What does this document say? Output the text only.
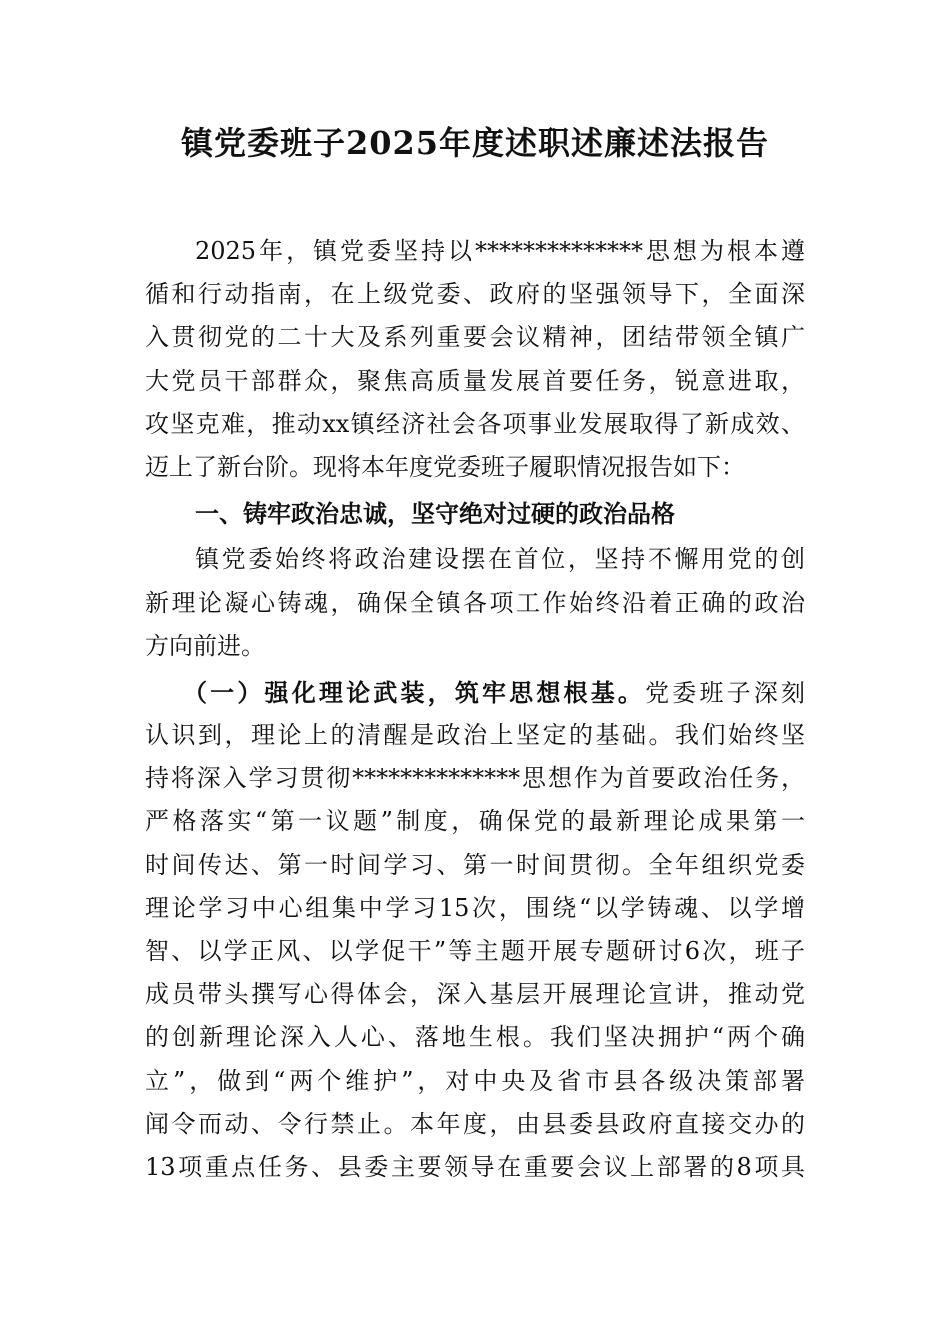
镇党委班子2025年度述职述廉述法报告
2025年，镇党委坚持以**************思想为根本遵
循和行动指南，在上级党委、政府的坚强领导下，全面深
入贯彻党的二十大及系列重要会议精神，团结带领全镇广
大党员干部群众，聚焦高质量发展首要任务，锐意进取，
攻坚克难，推动xx镇经济社会各项事业发展取得了新成效、
迈上了新台阶。现将本年度党委班子履职情况报告如下：
一、铸牢政治忠诚，坚守绝对过硬的政治品格
镇党委始终将政治建设摆在首位，坚持不懈用党的创
新理论凝心铸魂，确保全镇各项工作始终沿着正确的政治
方向前进。
（一）强化理论武装，筑牢思想根基。党委班子深刻
认识到，理论上的清醒是政治上坚定的基础。我们始终坚
持将深入学习贯彻**************思想作为首要政治任务，
严格落实“第一议题”制度，确保党的最新理论成果第一
时间传达、第一时间学习、第一时间贯彻。全年组织党委
理论学习中心组集中学习15次，围绕“以学铸魂、以学增
智、以学正风、以学促干”等主题开展专题研讨6次，班子
成员带头撰写心得体会，深入基层开展理论宣讲，推动党
的创新理论深入人心、落地生根。我们坚决拥护“两个确
立”，做到“两个维护”，对中央及省市县各级决策部署
闻令而动、令行禁止。本年度，由县委县政府直接交办的
13项重点任务、县委主要领导在重要会议上部署的8项具
